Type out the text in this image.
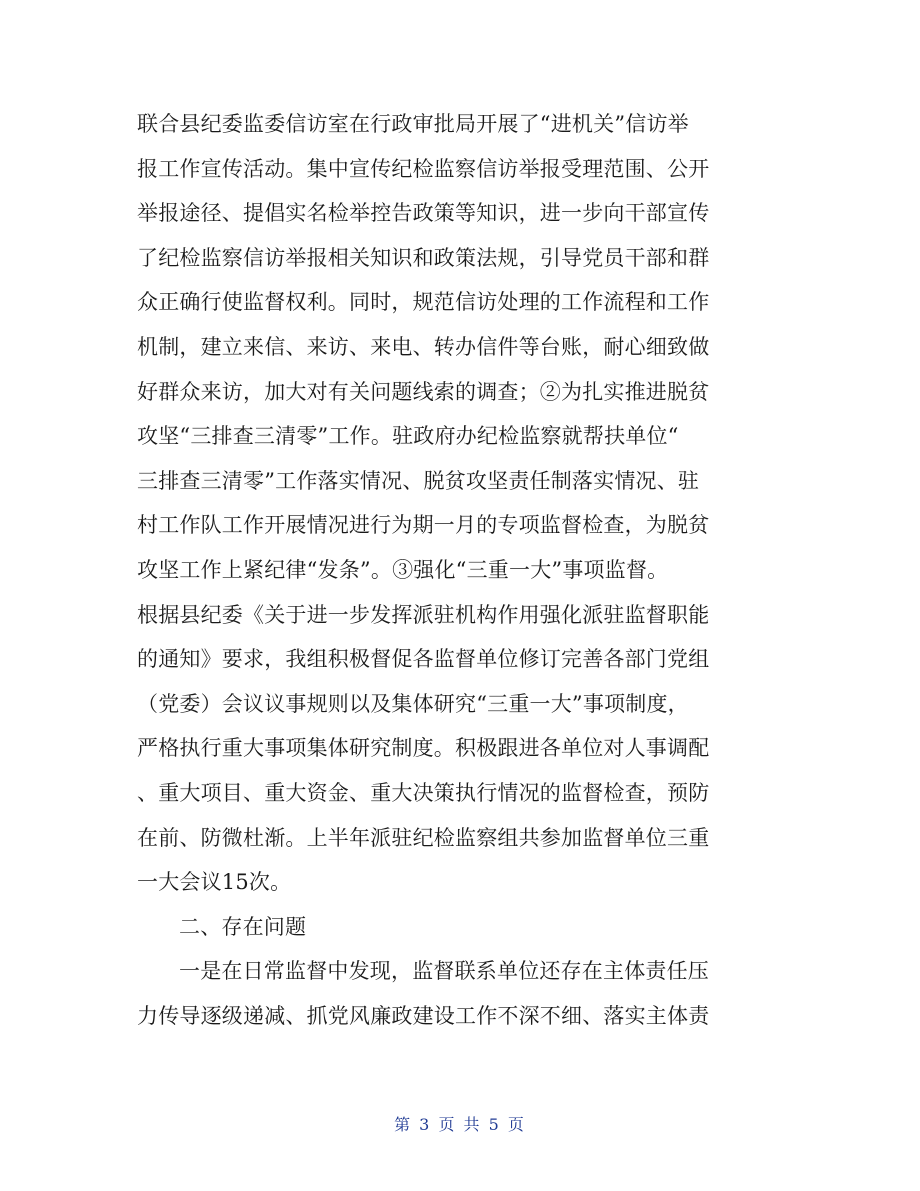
联合县纪委监委信访室在行政审批局开展了“进机关”信访举
报工作宣传活动。集中宣传纪检监察信访举报受理范围、公开
举报途径、提倡实名检举控告政策等知识，进一步向干部宣传
了纪检监察信访举报相关知识和政策法规，引导党员干部和群
众正确行使监督权利。同时，规范信访处理的工作流程和工作
机制，建立来信、来访、来电、转办信件等台账，耐心细致做
好群众来访，加大对有关问题线索的调查；②为扎实推进脱贫
攻坚“三排查三清零”工作。驻政府办纪检监察就帮扶单位“
三排查三清零”工作落实情况、脱贫攻坚责任制落实情况、驻
村工作队工作开展情况进行为期一月的专项监督检查，为脱贫
攻坚工作上紧纪律“发条”。③强化“三重一大”事项监督。
根据县纪委《关于进一步发挥派驻机构作用强化派驻监督职能
的通知》要求，我组积极督促各监督单位修订完善各部门党组
（党委）会议议事规则以及集体研究“三重一大”事项制度，
严格执行重大事项集体研究制度。积极跟进各单位对人事调配
、重大项目、重大资金、重大决策执行情况的监督检查，预防
在前、防微杜渐。上半年派驻纪检监察组共参加监督单位三重
一大会议15次。
二、存在问题
一是在日常监督中发现，监督联系单位还存在主体责任压
力传导逐级递减、抓党风廉政建设工作不深不细、落实主体责
第 3 页 共 5 页
